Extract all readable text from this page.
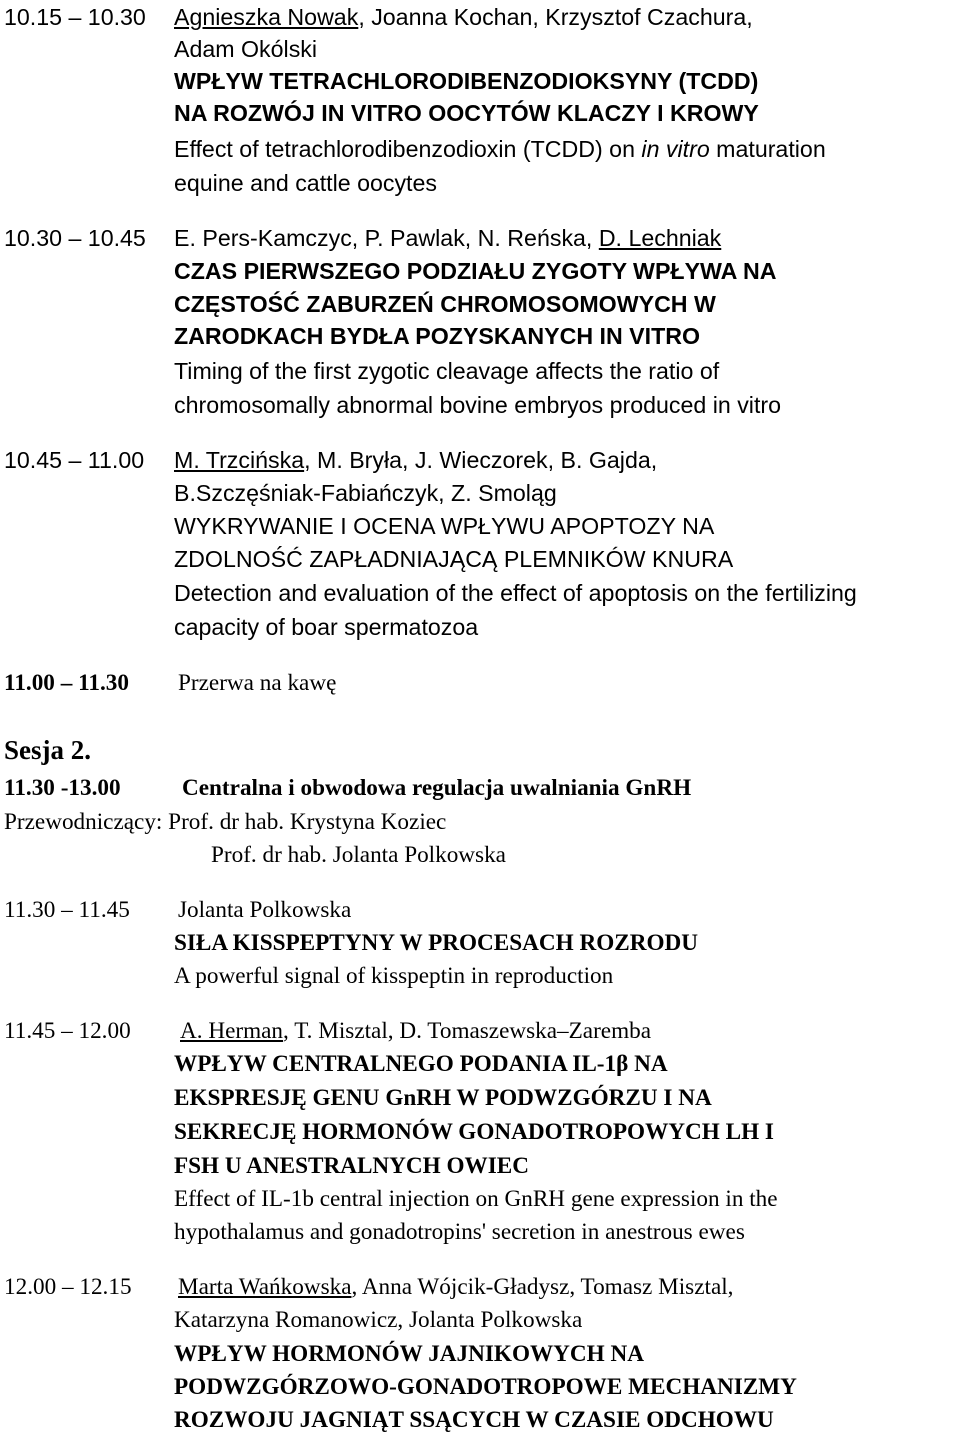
10.15 – 10.30 Agnieszka Nowak, Joanna Kochan, Krzysztof Czachura,
Adam Okólski
WPŁYW TETRACHLORODIBENZODIOKSYNY (TCDD)
NA ROZWÓJ IN VITRO OOCYTÓW KLACZY I KROWY
Effect of tetrachlorodibenzodioxin (TCDD) on in vitro maturation
equine and cattle oocytes
10.30 – 10.45 E. Pers-Kamczyc, P. Pawlak, N. Reńska, D. Lechniak
CZAS PIERWSZEGO PODZIAŁU ZYGOTY WPŁYWA NA
CZĘSTOŚĆ ZABURZEŃ CHROMOSOMOWYCH W
ZARODKACH BYDŁA POZYSKANYCH IN VITRO
Timing of the first zygotic cleavage affects the ratio of
chromosomally abnormal bovine embryos produced in vitro
10.45 – 11.00 M. Trzcińska, M. Bryła, J. Wieczorek, B. Gajda,
B.Szczęśniak-Fabiańczyk, Z. Smoląg
WYKRYWANIE I OCENA WPŁYWU APOPTOZY NA
ZDOLNOŚĆ ZAPŁADNIAJĄCĄ PLEMNIKÓW KNURA
Detection and evaluation of the effect of apoptosis on the fertilizing
capacity of boar spermatozoa
11.00 – 11.30 Przerwa na kawę
Sesja 2.
11.30 -13.00	Centralna i obwodowa regulacja uwalniania GnRH
Przewodniczący: Prof. dr hab. Krystyna Koziec
Prof. dr hab. Jolanta Polkowska
11.30 – 11.45 Jolanta Polkowska
SIŁA KISSPEPTYNY W PROCESACH ROZRODU
A powerful signal of kisspeptin in reproduction
11.45 – 12.00 A. Herman, T. Misztal, D. Tomaszewska–Zaremba
WPŁYW CENTRALNEGO PODANIA IL-1β NA
EKSPRESJĘ GENU GnRH W PODWZGÓRZU I NA
SEKRECJĘ HORMONÓW GONADOTROPOWYCH LH I
FSH U ANESTRALNYCH OWIEC
Effect of IL-1b central injection on GnRH gene expression in the
hypothalamus and gonadotropins' secretion in anestrous ewes
12.00 – 12.15 Marta Wańkowska, Anna Wójcik-Gładysz, Tomasz Misztal,
Katarzyna Romanowicz, Jolanta Polkowska
WPŁYW HORMONÓW JAJNIKOWYCH NA
PODWZGÓRZOWO-GONADOTROPOWE MECHANIZMY
ROZWOJU JAGNIĄT SSĄCYCH W CZASIE ODCHOWU
